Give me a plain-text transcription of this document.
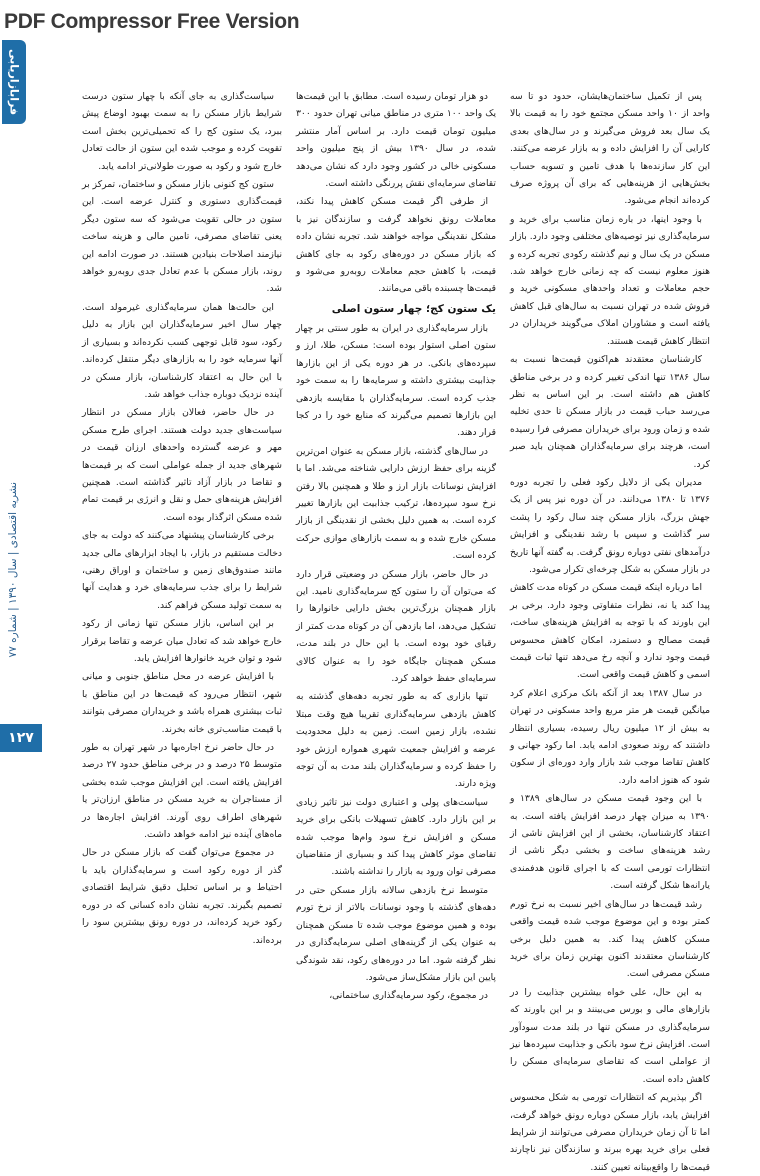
PDF Compressor Free Version
فرابازاریابی
نشریه اقتصادی | سال ۱۳۹۰ | شماره ۷۷
۱۲۷

پس از تکمیل ساختمان‌هایشان، حدود دو تا سه واحد از ۱۰ واحد مسکن مجتمع خود را به قیمت بالا یک سال بعد فروش می‌گیرند و در سال‌های بعدی کارایی آن را افزایش داده و به بازار عرضه می‌کنند. این کار سازنده‌ها با هدف تامین و تسویه حساب بخش‌هایی از هزینه‌هایی که برای آن پروژه صرف کرده‌اند انجام می‌شود.

با وجود اینها، در باره زمان مناسب برای خرید و سرمایه‌گذاری نیز توصیه‌های مختلفی وجود دارد. بازار مسکن در یک سال و نیم گذشته رکودی تجربه کرده و هنوز معلوم نیست که چه زمانی خارج خواهد شد. حجم معاملات و تعداد واحدهای مسکونی خرید و فروش شده در تهران نسبت به سال‌های قبل کاهش یافته است و مشاوران املاک می‌گویند خریداران در انتظار کاهش قیمت هستند.

کارشناسان معتقدند هم‌اکنون قیمت‌ها نسبت به سال ۱۳۸۶ تنها اندکی تغییر کرده و در برخی مناطق کاهش هم داشته است. بر این اساس به نظر می‌رسد حباب قیمت در بازار مسکن تا حدی تخلیه شده و زمان ورود برای خریداران مصرفی فرا رسیده است، هرچند برای سرمایه‌گذاران همچنان باید صبر کرد.

مدیران یکی از دلایل رکود فعلی را تجربه دوره ۱۳۷۶ تا ۱۳۸۰ می‌دانند. در آن دوره نیز پس از یک جهش بزرگ، بازار مسکن چند سال رکود را پشت سر گذاشت و سپس با رشد نقدینگی و افزایش درآمدهای نفتی دوباره رونق گرفت. به گفته آنها تاریخ در بازار مسکن به شکل چرخه‌ای تکرار می‌شود.

اما درباره اینکه قیمت مسکن در کوتاه مدت کاهش پیدا کند یا نه، نظرات متفاوتی وجود دارد. برخی بر این باورند که با توجه به افزایش هزینه‌های ساخت، قیمت مصالح و دستمزد، امکان کاهش محسوس قیمت وجود ندارد و آنچه رخ می‌دهد تنها ثبات قیمت اسمی و کاهش قیمت واقعی است.

در سال ۱۳۸۷ بعد از آنکه بانک مرکزی اعلام کرد میانگین قیمت هر متر مربع واحد مسکونی در تهران به بیش از ۱۲ میلیون ریال رسیده، بسیاری انتظار داشتند که روند صعودی ادامه یابد. اما رکود جهانی و کاهش تقاضا موجب شد بازار وارد دوره‌ای از سکون شود که هنوز ادامه دارد.

با این وجود قیمت مسکن در سال‌های ۱۳۸۹ و ۱۳۹۰ به میزان چهار درصد افزایش یافته است. به اعتقاد کارشناسان، بخشی از این افزایش ناشی از رشد هزینه‌های ساخت و بخشی دیگر ناشی از انتظارات تورمی است که با اجرای قانون هدفمندی یارانه‌ها شکل گرفته است.

رشد قیمت‌ها در سال‌های اخیر نسبت به نرخ تورم کمتر بوده و این موضوع موجب شده قیمت واقعی مسکن کاهش پیدا کند. به همین دلیل برخی کارشناسان معتقدند اکنون بهترین زمان برای خرید مسکن مصرفی است.

به این حال، علی خواه بیشترین جذابیت را در بازارهای مالی و بورس می‌بینند و بر این باورند که سرمایه‌گذاری در مسکن تنها در بلند مدت سودآور است. افزایش نرخ سود بانکی و جذابیت سپرده‌ها نیز از عواملی است که تقاضای سرمایه‌ای مسکن را کاهش داده است.

اگر بپذیریم که انتظارات تورمی به شکل محسوس افزایش یابد، بازار مسکن دوباره رونق خواهد گرفت، اما تا آن زمان خریداران مصرفی می‌توانند از شرایط فعلی برای خرید بهره ببرند و سازندگان نیز ناچارند قیمت‌ها را واقع‌بینانه تعیین کنند.

دو هزار تومان رسیده است. مطابق با این قیمت‌ها یک واحد ۱۰۰ متری در مناطق میانی تهران حدود ۳۰۰ میلیون تومان قیمت دارد. بر اساس آمار منتشر شده، در سال ۱۳۹۰ بیش از پنج میلیون واحد مسکونی خالی در کشور وجود دارد که نشان می‌دهد تقاضای سرمایه‌ای نقش پررنگی داشته است.

از طرفی اگر قیمت مسکن کاهش پیدا نکند، معاملات رونق نخواهد گرفت و سازندگان نیز با مشکل نقدینگی مواجه خواهند شد. تجربه نشان داده که بازار مسکن در دوره‌های رکود به جای کاهش قیمت، با کاهش حجم معاملات روبه‌رو می‌شود و قیمت‌ها چسبنده باقی می‌مانند.

یک ستون کج؛ چهار ستون اصلی

بازار سرمایه‌گذاری در ایران به طور سنتی بر چهار ستون اصلی استوار بوده است: مسکن، طلا، ارز و سپرده‌های بانکی. در هر دوره یکی از این بازارها جذابیت بیشتری داشته و سرمایه‌ها را به سمت خود جذب کرده است. سرمایه‌گذاران با مقایسه بازدهی این بازارها تصمیم می‌گیرند که منابع خود را در کجا قرار دهند.

در سال‌های گذشته، بازار مسکن به عنوان امن‌ترین گزینه برای حفظ ارزش دارایی شناخته می‌شد. اما با افزایش نوسانات بازار ارز و طلا و همچنین بالا رفتن نرخ سود سپرده‌ها، ترکیب جذابیت این بازارها تغییر کرده است. به همین دلیل بخشی از نقدینگی از بازار مسکن خارج شده و به سمت بازارهای موازی حرکت کرده است.

در حال حاضر، بازار مسکن در وضعیتی قرار دارد که می‌توان آن را ستون کج سرمایه‌گذاری نامید. این بازار همچنان بزرگ‌ترین بخش دارایی خانوارها را تشکیل می‌دهد، اما بازدهی آن در کوتاه مدت کمتر از رقبای خود بوده است. با این حال در بلند مدت، مسکن همچنان جایگاه خود را به عنوان کالای سرمایه‌ای حفظ خواهد کرد.

تنها بازاری که به طور تجربه دهه‌های گذشته به کاهش بازدهی سرمایه‌گذاری تقریبا هیچ وقت مبتلا نشده، بازار زمین است. زمین به دلیل محدودیت عرضه و افزایش جمعیت شهری همواره ارزش خود را حفظ کرده و سرمایه‌گذاران بلند مدت به آن توجه ویژه دارند.

سیاست‌های پولی و اعتباری دولت نیز تاثیر زیادی بر این بازار دارد. کاهش تسهیلات بانکی برای خرید مسکن و افزایش نرخ سود وام‌ها موجب شده تقاضای موثر کاهش پیدا کند و بسیاری از متقاضیان مصرفی توان ورود به بازار را نداشته باشند.

متوسط نرخ بازدهی سالانه بازار مسکن حتی در دهه‌های گذشته با وجود نوسانات بالاتر از نرخ تورم بوده و همین موضوع موجب شده تا مسکن همچنان به عنوان یکی از گزینه‌های اصلی سرمایه‌گذاری در نظر گرفته شود. اما در دوره‌های رکود، نقد شوندگی پایین این بازار مشکل‌ساز می‌شود.

در مجموع، رکود سرمایه‌گذاری ساختمانی،

سیاست‌گذاری به جای آنکه با چهار ستون درست شرایط بازار مسکن را به سمت بهبود اوضاع پیش ببرد، یک ستون کج را که تحمیلی‌ترین بخش است تقویت کرده و موجب شده این ستون از حالت تعادل خارج شود و رکود به صورت طولانی‌تر ادامه یابد.

ستون کج کنونی بازار مسکن و ساختمان، تمرکز بر قیمت‌گذاری دستوری و کنترل عرضه است. این ستون در حالی تقویت می‌شود که سه ستون دیگر یعنی تقاضای مصرفی، تامین مالی و هزینه ساخت نیازمند اصلاحات بنیادین هستند. در صورت ادامه این روند، بازار مسکن با عدم تعادل جدی روبه‌رو خواهد شد.

این حالت‌ها همان سرمایه‌گذاری غیرمولد است. چهار سال اخیر سرمایه‌گذاران این بازار به دلیل رکود، سود قابل توجهی کسب نکرده‌اند و بسیاری از آنها سرمایه خود را به بازارهای دیگر منتقل کرده‌اند. با این حال به اعتقاد کارشناسان، بازار مسکن در آینده نزدیک دوباره جذاب خواهد شد.

در حال حاضر، فعالان بازار مسکن در انتظار سیاست‌های جدید دولت هستند. اجرای طرح مسکن مهر و عرضه گسترده واحدهای ارزان قیمت در شهرهای جدید از جمله عواملی است که بر قیمت‌ها و تقاضا در بازار آزاد تاثیر گذاشته است. همچنین افزایش هزینه‌های حمل و نقل و انرژی بر قیمت تمام شده مسکن اثرگذار بوده است.

برخی کارشناسان پیشنهاد می‌کنند که دولت به جای دخالت مستقیم در بازار، با ایجاد ابزارهای مالی جدید مانند صندوق‌های زمین و ساختمان و اوراق رهنی، شرایط را برای جذب سرمایه‌های خرد و هدایت آنها به سمت تولید مسکن فراهم کند.

بر این اساس، بازار مسکن تنها زمانی از رکود خارج خواهد شد که تعادل میان عرضه و تقاضا برقرار شود و توان خرید خانوارها افزایش یابد.

با افزایش عرضه در محل مناطق جنوبی و میانی شهر، انتظار می‌رود که قیمت‌ها در این مناطق با ثبات بیشتری همراه باشد و خریداران مصرفی بتوانند با قیمت مناسب‌تری خانه بخرند.

در حال حاضر نرخ اجاره‌بها در شهر تهران به طور متوسط ۲۵ درصد و در برخی مناطق حدود ۲۷ درصد افزایش یافته است. این افزایش موجب شده بخشی از مستاجران به خرید مسکن در مناطق ارزان‌تر یا شهرهای اطراف روی آورند. افزایش اجاره‌ها در ماه‌های آینده نیز ادامه خواهد داشت.

در مجموع می‌توان گفت که بازار مسکن در حال گذر از دوره رکود است و سرمایه‌گذاران باید با احتیاط و بر اساس تحلیل دقیق شرایط اقتصادی تصمیم بگیرند. تجربه نشان داده کسانی که در دوره رکود خرید کرده‌اند، در دوره رونق بیشترین سود را برده‌اند.
